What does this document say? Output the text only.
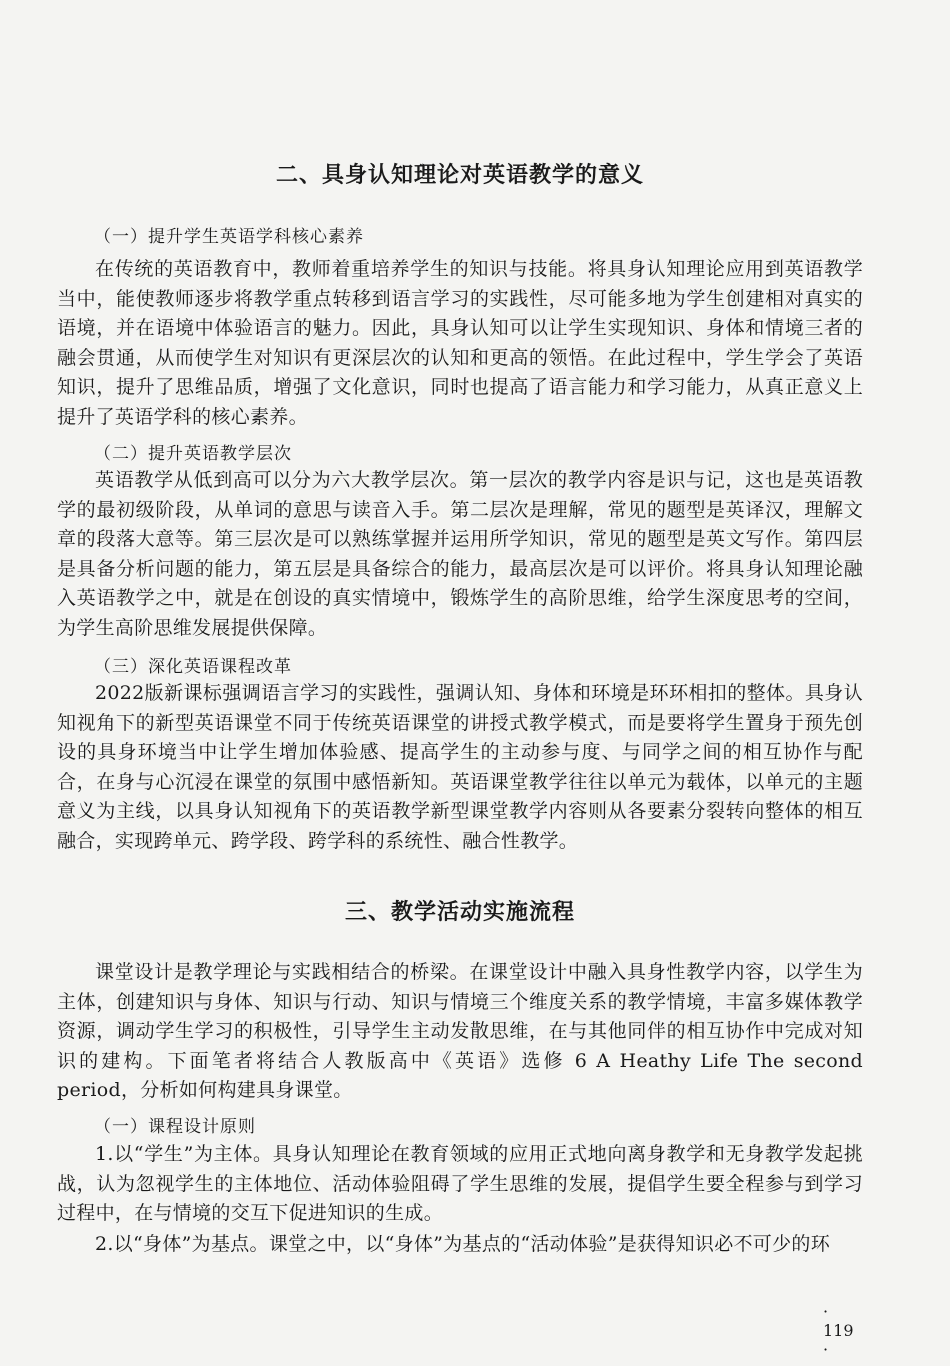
二、具身认知理论对英语教学的意义
（一）提升学生英语学科核心素养

在传统的英语教育中，教师着重培养学生的知识与技能。将具身认知理论应用到英语教学当中，能使教师逐步将教学重点转移到语言学习的实践性，尽可能多地为学生创建相对真实的语境，并在语境中体验语言的魅力。因此，具身认知可以让学生实现知识、身体和情境三者的融会贯通，从而使学生对知识有更深层次的认知和更高的领悟。在此过程中，学生学会了英语知识，提升了思维品质，增强了文化意识，同时也提高了语言能力和学习能力，从真正意义上提升了英语学科的核心素养。

（二）提升英语教学层次

英语教学从低到高可以分为六大教学层次。第一层次的教学内容是识与记，这也是英语教学的最初级阶段，从单词的意思与读音入手。第二层次是理解，常见的题型是英译汉，理解文章的段落大意等。第三层次是可以熟练掌握并运用所学知识，常见的题型是英文写作。第四层是具备分析问题的能力，第五层是具备综合的能力，最高层次是可以评价。将具身认知理论融入英语教学之中，就是在创设的真实情境中，锻炼学生的高阶思维，给学生深度思考的空间，为学生高阶思维发展提供保障。

（三）深化英语课程改革

2022版新课标强调语言学习的实践性，强调认知、身体和环境是环环相扣的整体。具身认知视角下的新型英语课堂不同于传统英语课堂的讲授式教学模式，而是要将学生置身于预先创设的具身环境当中让学生增加体验感、提高学生的主动参与度、与同学之间的相互协作与配合，在身与心沉浸在课堂的氛围中感悟新知。英语课堂教学往往以单元为载体，以单元的主题意义为主线，以具身认知视角下的英语教学新型课堂教学内容则从各要素分裂转向整体的相互融合，实现跨单元、跨学段、跨学科的系统性、融合性教学。

三、教学活动实施流程

课堂设计是教学理论与实践相结合的桥梁。在课堂设计中融入具身性教学内容，以学生为主体，创建知识与身体、知识与行动、知识与情境三个维度关系的教学情境，丰富多媒体教学资源，调动学生学习的积极性，引导学生主动发散思维，在与其他同伴的相互协作中完成对知识的建构。下面笔者将结合人教版高中《英语》选修 6 A Heathy Life The second period，分析如何构建具身课堂。

（一）课程设计原则

1.以“学生”为主体。具身认知理论在教育领域的应用正式地向离身教学和无身教学发起挑战，认为忽视学生的主体地位、活动体验阻碍了学生思维的发展，提倡学生要全程参与到学习过程中，在与情境的交互下促进知识的生成。

2.以“身体”为基点。课堂之中，以“身体”为基点的“活动体验”是获得知识必不可少的环

· 119 ·
